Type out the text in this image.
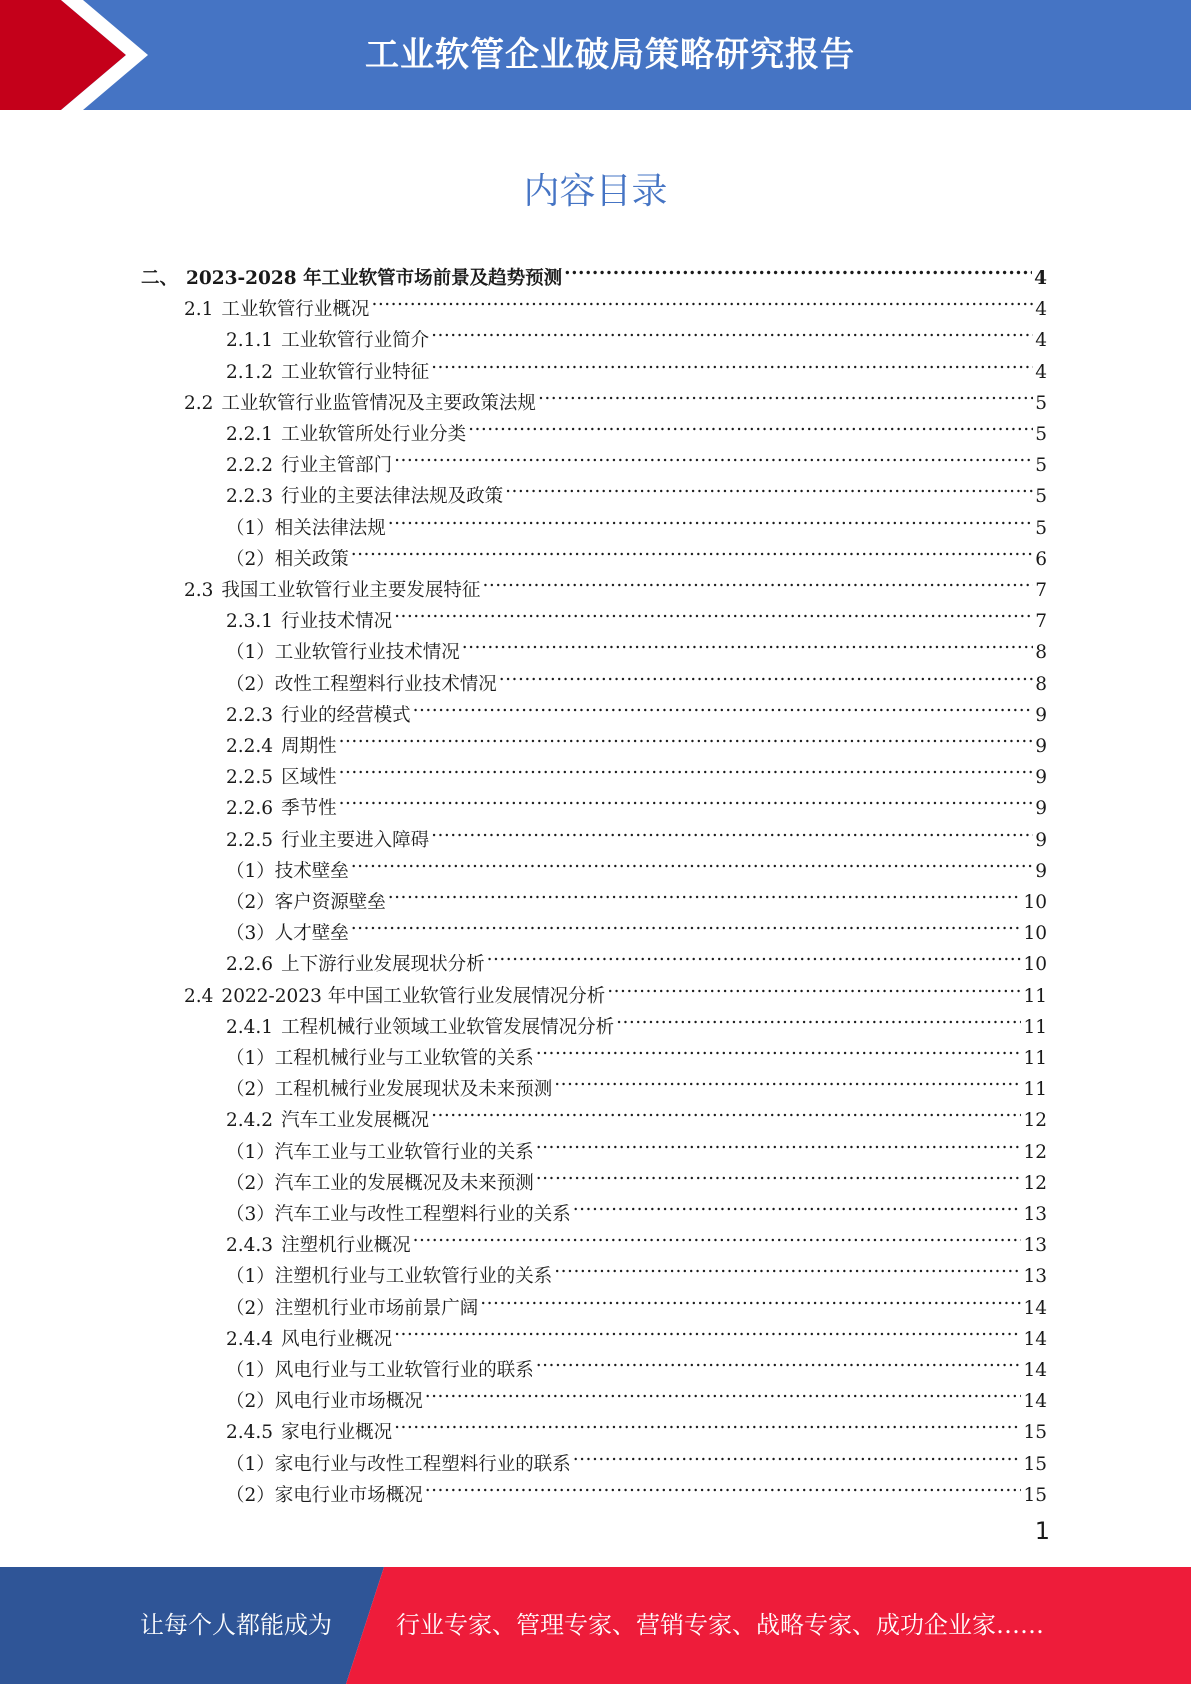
工业软管企业破局策略研究报告
内容目录
二、 2023-2028 年工业软管市场前景及趋势预测 .....	4
2.1 工业软管行业概况 .....	4
2.1.1 工业软管行业简介 .....	4
2.1.2 工业软管行业特征 .....	4
2.2 工业软管行业监管情况及主要政策法规 .....	5
2.2.1 工业软管所处行业分类 .....	5
2.2.2 行业主管部门 .....	5
2.2.3 行业的主要法律法规及政策 .....	5
（1） 相关法律法规 .....	5
（2） 相关政策 .....	6
2.3 我国工业软管行业主要发展特征 .....	7
2.3.1 行业技术情况 .....	7
（1） 工业软管行业技术情况 .....	8
（2） 改性工程塑料行业技术情况 .....	8
2.2.3 行业的经营模式 .....	9
2.2.4 周期性 .....	9
2.2.5 区域性 .....	9
2.2.6 季节性 .....	9
2.2.5 行业主要进入障碍 .....	9
（1） 技术壁垒 .....	9
（2） 客户资源壁垒 .....	10
（3） 人才壁垒 .....	10
2.2.6 上下游行业发展现状分析 .....	10
2.4 2022-2023 年中国工业软管行业发展情况分析 .....	11
2.4.1 工程机械行业领域工业软管发展情况分析 .....	11
（1） 工程机械行业与工业软管的关系 .....	11
（2） 工程机械行业发展现状及未来预测 .....	11
2.4.2 汽车工业发展概况 .....	12
（1） 汽车工业与工业软管行业的关系 .....	12
（2） 汽车工业的发展概况及未来预测 .....	12
（3） 汽车工业与改性工程塑料行业的关系 .....	13
2.4.3 注塑机行业概况 .....	13
（1） 注塑机行业与工业软管行业的关系 .....	13
（2） 注塑机行业市场前景广阔 .....	14
2.4.4 风电行业概况 .....	14
（1） 风电行业与工业软管行业的联系 .....	14
（2） 风电行业市场概况 .....	14
2.4.5 家电行业概况 .....	15
（1） 家电行业与改性工程塑料行业的联系 .....	15
（2） 家电行业市场概况 .....	15
1
让每个人都能成为	行业专家、管理专家、营销专家、战略专家、成功企业家……
